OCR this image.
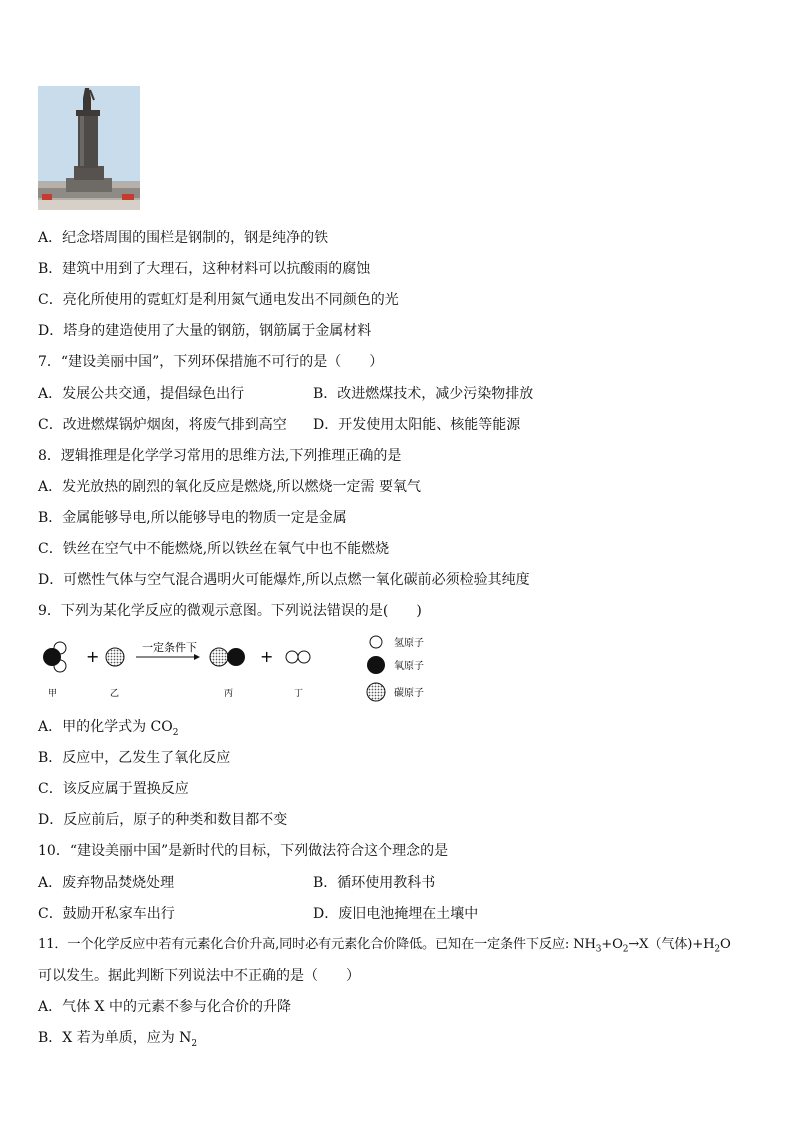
A．纪念塔周围的围栏是钢制的，钢是纯净的铁
B．建筑中用到了大理石，这种材料可以抗酸雨的腐蚀
C．亮化所使用的霓虹灯是利用氮气通电发出不同颜色的光
D．塔身的建造使用了大量的钢筋，钢筋属于金属材料
7．“建设美丽中国”，下列环保措施不可行的是（　　）
A．发展公共交通，提倡绿色出行	B．改进燃煤技术，减少污染物排放
C．改进燃煤锅炉烟囱，将废气排到高空 D．开发使用太阳能、核能等能源
8．逻辑推理是化学学习常用的思维方法,下列推理正确的是
A．发光放热的剧烈的氧化反应是燃烧,所以燃烧一定需 要氧气
B．金属能够导电,所以能够导电的物质一定是金属
C．铁丝在空气中不能燃烧,所以铁丝在氧气中也不能燃烧
D．可燃性气体与空气混合遇明火可能爆炸,所以点燃一氧化碳前必须检验其纯度
9．下列为某化学反应的微观示意图。下列说法错误的是(　　)
+	一定条件下	+
甲	乙	丙	丁
氢原子
氧原子
碳原子
A．甲的化学式为 $CO_2$
B．反应中，乙发生了氧化反应
C．该反应属于置换反应
D．反应前后，原子的种类和数目都不变
10．“建设美丽中国”是新时代的目标，下列做法符合这个理念的是
A．废弃物品焚烧处理	B．循环使用教科书
C．鼓励开私家车出行	D．废旧电池掩埋在土壤中
11．一个化学反应中若有元素化合价升高,同时必有元素化合价降低。已知在一定条件下反应: $NH_3+O_2\to X$（气体)$+H_2O$
可以发生。据此判断下列说法中不正确的是（　　）
A．气体 X 中的元素不参与化合价的升降
B．X 若为单质，应为 $N_2$
